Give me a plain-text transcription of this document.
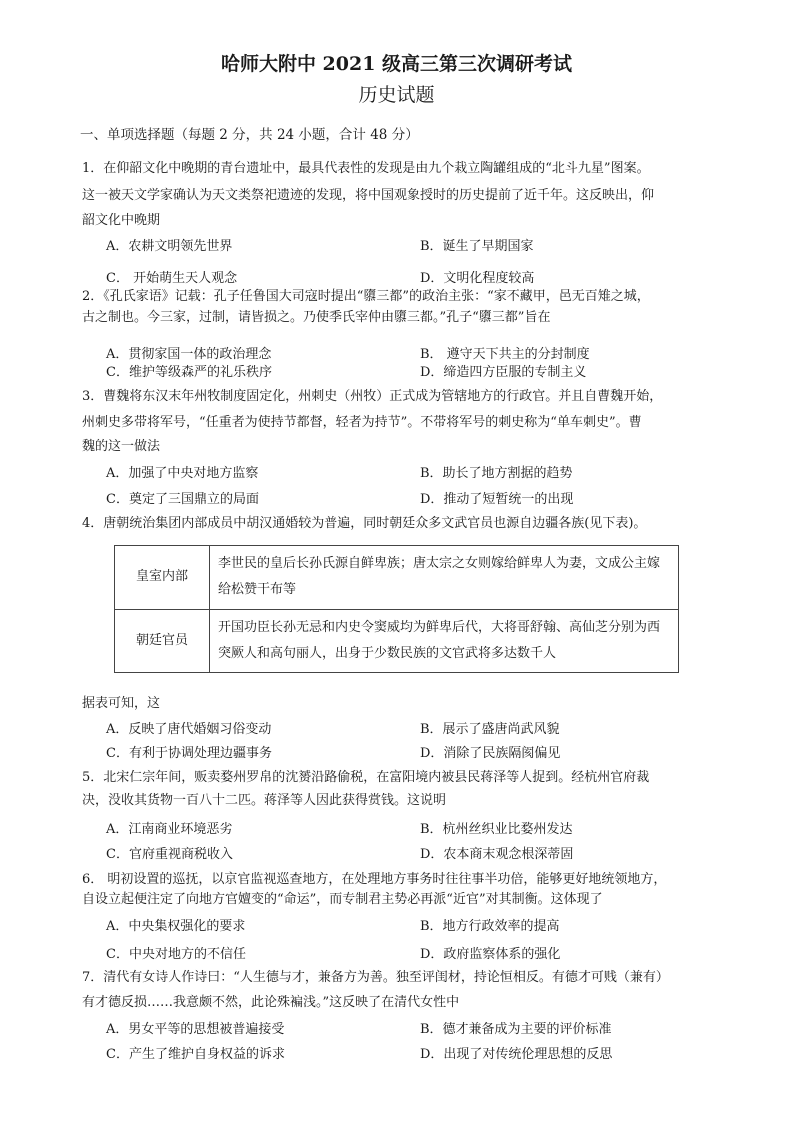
哈师大附中 2021 级高三第三次调研考试
历史试题
一、单项选择题（每题 2 分，共 24 小题，合计 48 分）
1．在仰韶文化中晚期的青台遗址中，最具代表性的发现是由九个栽立陶罐组成的“北斗九星”图案。
这一被天文学家确认为天文类祭祀遗迹的发现，将中国观象授时的历史提前了近千年。这反映出，仰
韶文化中晚期
A．农耕文明领先世界	B．诞生了早期国家
C． 开始萌生天人观念	D．文明化程度较高
2．《孔氏家语》记载：孔子任鲁国大司寇时提出“隳三都”的政治主张：“家不藏甲，邑无百雉之城，
古之制也。今三家，过制，请皆损之。乃使季氏宰仲由隳三都。”孔子“隳三都”旨在
A．贯彻家国一体的政治理念	B． 遵守天下共主的分封制度
C．维护等级森严的礼乐秩序	D．缔造四方臣服的专制主义
3．曹魏将东汉末年州牧制度固定化，州刺史（州牧）正式成为管辖地方的行政官。并且自曹魏开始，
州刺史多带将军号，“任重者为使持节都督，轻者为持节”。不带将军号的刺史称为“单车刺史”。曹
魏的这一做法
A．加强了中央对地方监察	B．助长了地方割据的趋势
C．奠定了三国鼎立的局面	D．推动了短暂统一的出现
4．唐朝统治集团内部成员中胡汉通婚较为普遍，同时朝廷众多文武官员也源自边疆各族(见下表)。
皇室内部	李世民的皇后长孙氏源自鲜卑族；唐太宗之女则嫁给鲜卑人为妻，文成公主嫁给松赞干布等
朝廷官员	开国功臣长孙无忌和内史令窦威均为鲜卑后代，大将哥舒翰、高仙芝分别为西突厥人和高句丽人，出身于少数民族的文官武将多达数千人
据表可知，这
A．反映了唐代婚姻习俗变动	B．展示了盛唐尚武风貌
C．有利于协调处理边疆事务	D．消除了民族隔阂偏见
5．北宋仁宗年间，贩卖婺州罗帛的沈赟沿路偷税，在富阳境内被县民蒋泽等人捉到。经杭州官府裁
决，没收其货物一百八十二匹。蒋泽等人因此获得赏钱。这说明
A．江南商业环境恶劣	B．杭州丝织业比婺州发达
C．官府重视商税收入	D．农本商末观念根深蒂固
6． 明初设置的巡抚，以京官监视巡查地方，在处理地方事务时往往事半功倍，能够更好地统领地方，
自设立起便注定了向地方官嬗变的“命运”，而专制君主势必再派“近官”对其制衡。这体现了
A．中央集权强化的要求	B．地方行政效率的提高
C．中央对地方的不信任	D．政府监察体系的强化
7．清代有女诗人作诗曰：“人生德与才，兼备方为善。独至评闺材，持论恒相反。有德才可贱（兼有）
有才德反损……我意颇不然，此论殊褊浅。”这反映了在清代女性中
A．男女平等的思想被普遍接受	B．德才兼备成为主要的评价标准
C．产生了维护自身权益的诉求	D．出现了对传统伦理思想的反思
